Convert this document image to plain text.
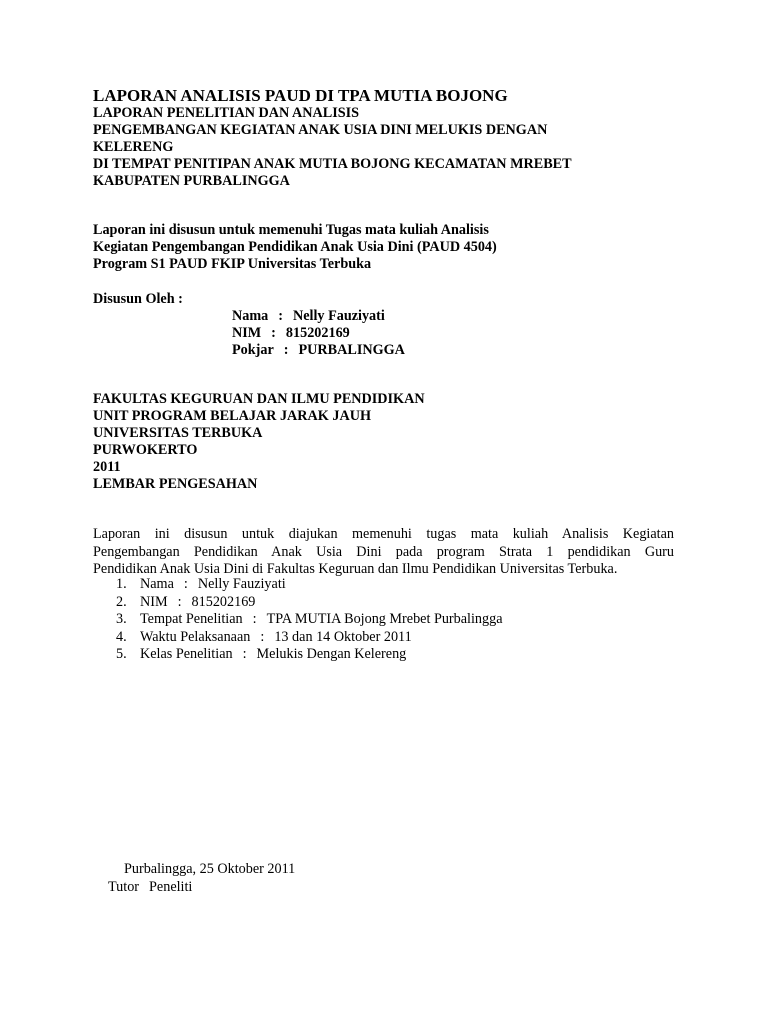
LAPORAN ANALISIS PAUD DI TPA MUTIA BOJONG
LAPORAN PENELITIAN DAN ANALISIS
PENGEMBANGAN KEGIATAN ANAK USIA DINI MELUKIS DENGAN
KELERENG
DI TEMPAT PENITIPAN ANAK MUTIA BOJONG KECAMATAN MREBET
KABUPATEN PURBALINGGA
Laporan ini disusun untuk memenuhi Tugas mata kuliah Analisis
Kegiatan Pengembangan Pendidikan Anak Usia Dini (PAUD 4504)
Program S1 PAUD FKIP Universitas Terbuka
Disusun Oleh :
Nama : Nelly Fauziyati
NIM : 815202169
Pokjar : PURBALINGGA
FAKULTAS KEGURUAN DAN ILMU PENDIDIKAN
UNIT PROGRAM BELAJAR JARAK JAUH
UNIVERSITAS TERBUKA
PURWOKERTO
2011
LEMBAR PENGESAHAN
Laporan ini disusun untuk diajukan memenuhi tugas mata kuliah Analisis Kegiatan
Pengembangan Pendidikan Anak Usia Dini pada program Strata 1 pendidikan Guru
Pendidikan Anak Usia Dini di Fakultas Keguruan dan Ilmu Pendidikan Universitas Terbuka.
1. Nama : Nelly Fauziyati
2. NIM : 815202169
3. Tempat Penelitian : TPA MUTIA Bojong Mrebet Purbalingga
4. Waktu Pelaksanaan : 13 dan 14 Oktober 2011
5. Kelas Penelitian : Melukis Dengan Kelereng
Purbalingga, 25 Oktober 2011
Tutor Peneliti
